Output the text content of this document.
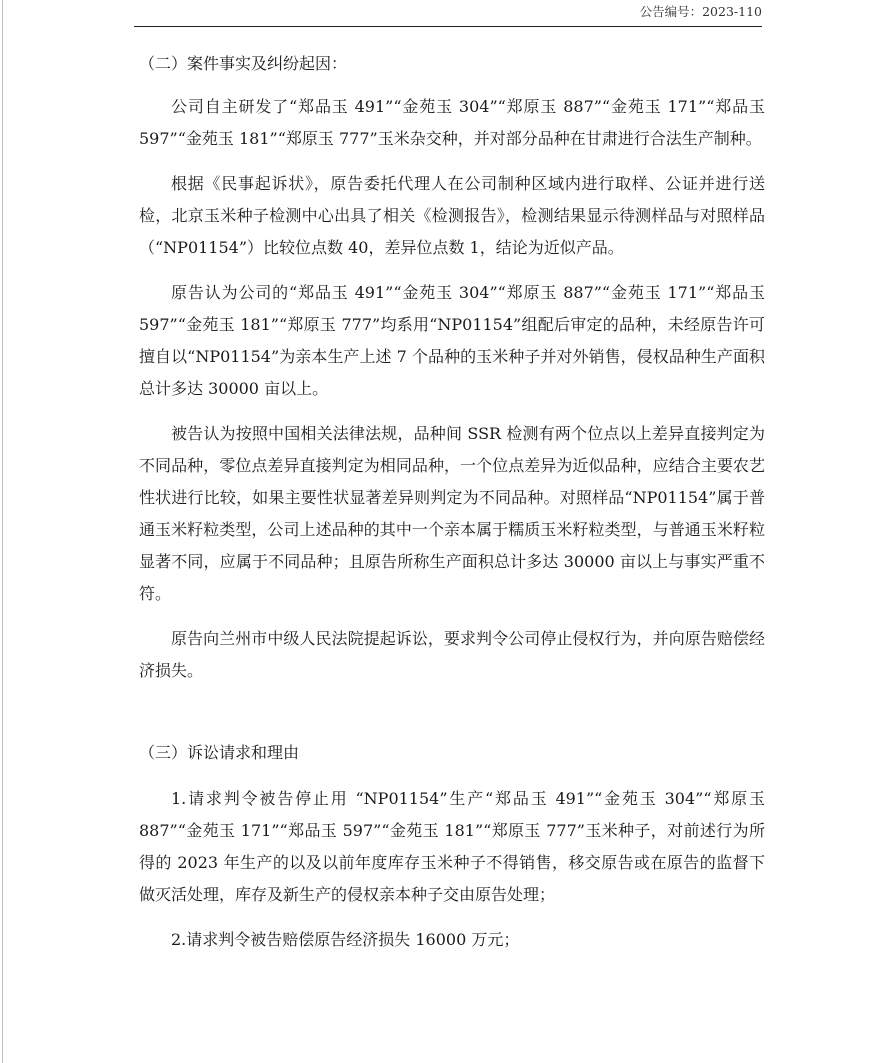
公告编号：2023-110
（二）案件事实及纠纷起因：

公司自主研发了“郑品玉 491”“金苑玉 304”“郑原玉 887”“金苑玉 171”“郑品玉 597”“金苑玉 181”“郑原玉 777”玉米杂交种，并对部分品种在甘肃进行合法生产制种。

根据《民事起诉状》，原告委托代理人在公司制种区域内进行取样、公证并进行送检，北京玉米种子检测中心出具了相关《检测报告》，检测结果显示待测样品与对照样品（“NP01154”）比较位点数 40，差异位点数 1，结论为近似产品。

原告认为公司的“郑品玉 491”“金苑玉 304”“郑原玉 887”“金苑玉 171”“郑品玉 597”“金苑玉 181”“郑原玉 777”均系用“NP01154”组配后审定的品种，未经原告许可擅自以“NP01154”为亲本生产上述 7 个品种的玉米种子并对外销售，侵权品种生产面积总计多达 30000 亩以上。

被告认为按照中国相关法律法规，品种间 SSR 检测有两个位点以上差异直接判定为不同品种，零位点差异直接判定为相同品种，一个位点差异为近似品种，应结合主要农艺性状进行比较，如果主要性状显著差异则判定为不同品种。对照样品“NP01154”属于普通玉米籽粒类型，公司上述品种的其中一个亲本属于糯质玉米籽粒类型，与普通玉米籽粒显著不同，应属于不同品种；且原告所称生产面积总计多达 30000 亩以上与事实严重不符。

原告向兰州市中级人民法院提起诉讼，要求判令公司停止侵权行为，并向原告赔偿经济损失。

（三）诉讼请求和理由

1.请求判令被告停止用 “NP01154”生产“郑品玉 491”“金苑玉 304”“郑原玉 887”“金苑玉 171”“郑品玉 597”“金苑玉 181”“郑原玉 777”玉米种子，对前述行为所得的 2023 年生产的以及以前年度库存玉米种子不得销售，移交原告或在原告的监督下做灭活处理，库存及新生产的侵权亲本种子交由原告处理；

2.请求判令被告赔偿原告经济损失 16000 万元；
